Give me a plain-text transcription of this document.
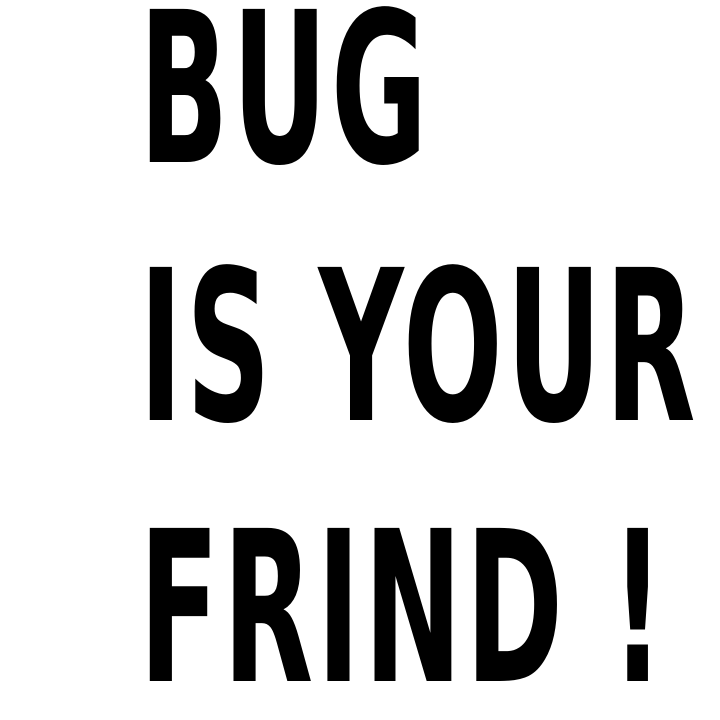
BUG
IS YOUR
FRIND !
